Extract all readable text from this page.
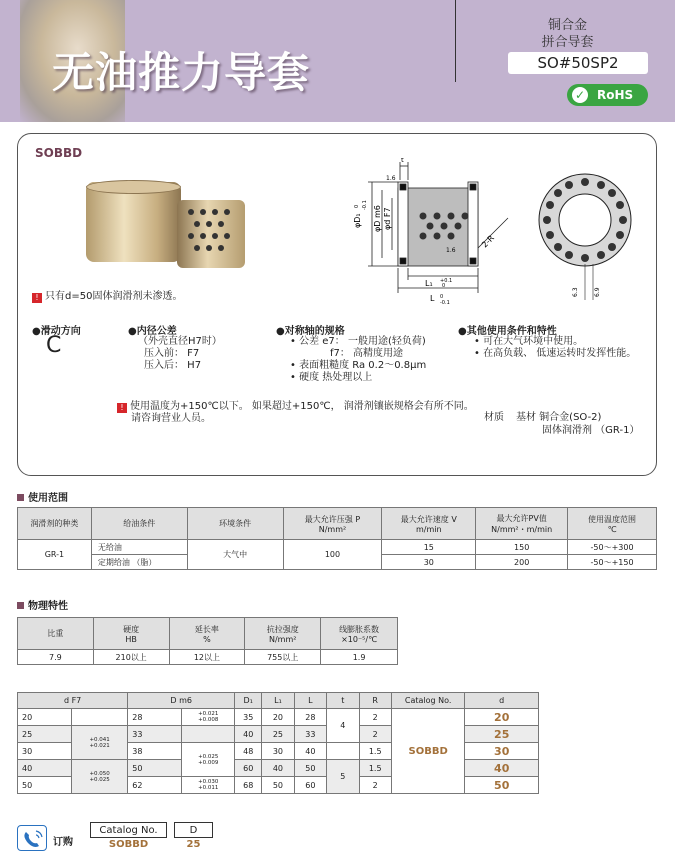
无油推力导套
铜合金
拼合导套
SO#50SP2
RoHS
✓
SOBBD
φD₁ φD m6 φd F7
t
1.6
1.6
2-R
L₁ +0.1
0
L 0
-0.1
0 -0.1
6.3	6.9
! 只有d=50固体润滑剂未渗透。
●滑动方向
C
●内径公差
（外壳直径H7时）
压入前： F7
压入后： H7
●对称轴的规格
• 公差 e7： 一般用途(轻负荷)
f7： 高精度用途
• 表面粗糙度 Ra 0.2～0.8μm
• 硬度 热处理以上
●其他使用条件和特性
• 可在大气环境中使用。
• 在高负载、 低速运转时发挥性能。
! 使用温度为+150℃以下。 如果超过+150℃， 润滑剂镶嵌规格会有所不同。
请咨询营业人员。	材质 基材 铜合金(SO-2)
固体润滑剂 （GR-1）
使用范围
润滑剂的种类	给油条件	环境条件	最大允许压强 P
N/mm²	最大允许速度 V
m/min	最大允许PV值
N/mm²・m/min	使用温度范围
℃
GR-1	无给油	大气中	100	15	150	-50～+300
	定期给油 （脂）			30	200	-50～+150
物理特性
比重	硬度
HB	延长率
%	抗拉强度
N/mm²	线膨胀系数
×10⁻⁵/℃
7.9	210以上	12以上	755以上	1.9
d F7		D m6		D₁	L₁	L	t	R	Catalog No.	d
20		28	+0.021
+0.008	35	20	28	4	2	SOBBD	20
25	+0.041
+0.021	33		40	25	33		2		25
30		38	+0.025
+0.009	48	30	40		1.5		30
40	+0.050
+0.025	50		60	40	50	5	1.5		40
50		62	+0.030
+0.011	68	50	60		2		50
订购
Catalog No.		D
SOBBD		25
